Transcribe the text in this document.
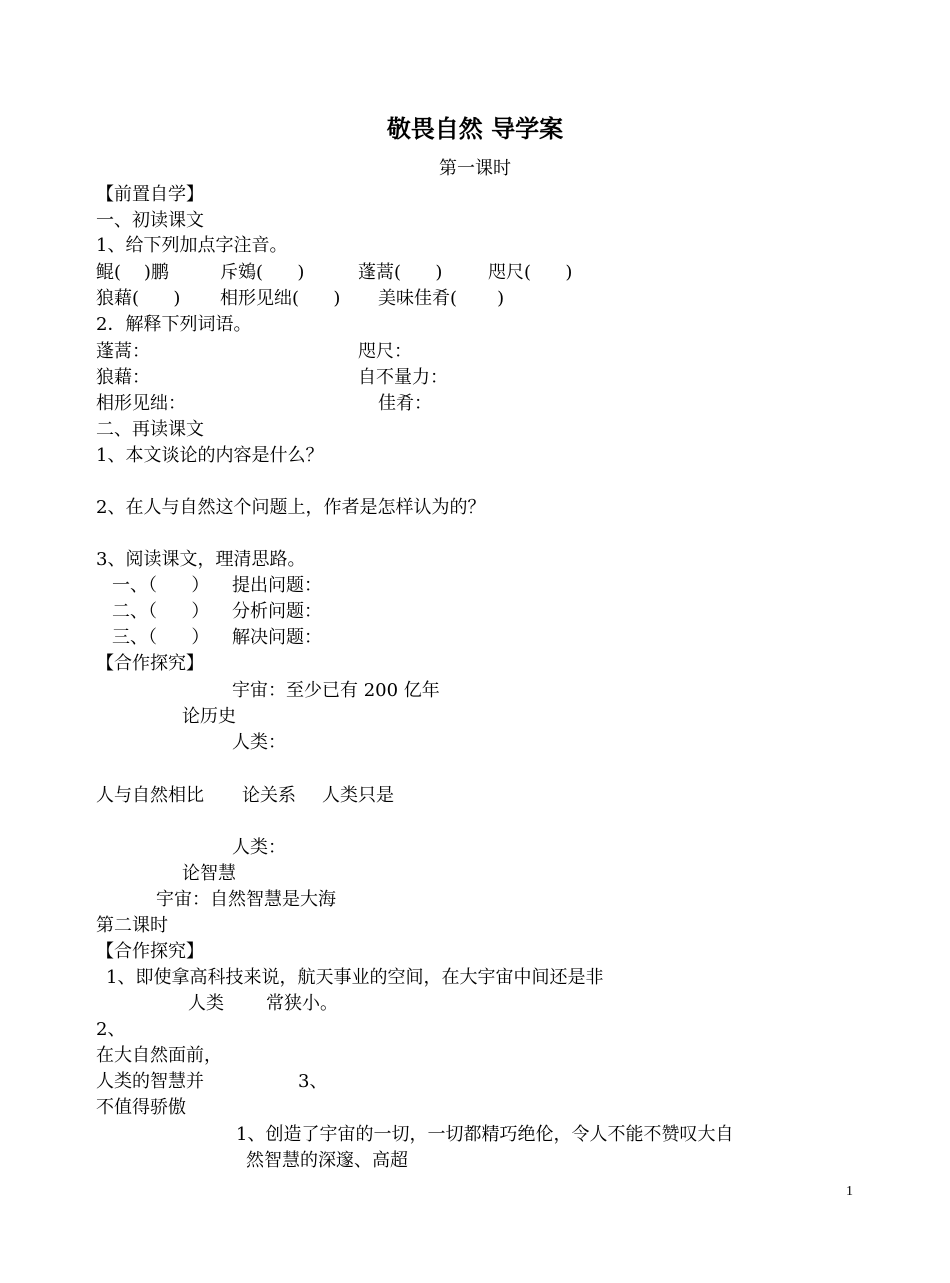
敬畏自然 导学案
第一课时
【前置自学】
一、初读课文
1、给下列加点字注音。
鲲(    )鹏	斥鴳(      )	蓬蒿(      )	咫尺(      )
狼藉(      ) 相形见绌(      ) 美味佳肴(       )
2．解释下列词语。
蓬蒿：	咫尺：
狼藉：	自不量力：
相形见绌：	佳肴：
二、再读课文
1、本文谈论的内容是什么？
2、在人与自然这个问题上，作者是怎样认为的？
3、阅读课文，理清思路。
一、（      ） 提出问题：
二、（      ） 分析问题：
三、（      ） 解决问题：
【合作探究】
宇宙：至少已有 200 亿年
论历史
人类：
人与自然相比 论关系 人类只是
人类：
论智慧
宇宙：自然智慧是大海
第二课时
【合作探究】
1、即使拿高科技来说，航天事业的空间，在大宇宙中间还是非
人类 常狭小。
2、
在大自然面前，
人类的智慧并	3、
不值得骄傲
1、创造了宇宙的一切，一切都精巧绝伦，令人不能不赞叹大自
然智慧的深邃、高超
1
